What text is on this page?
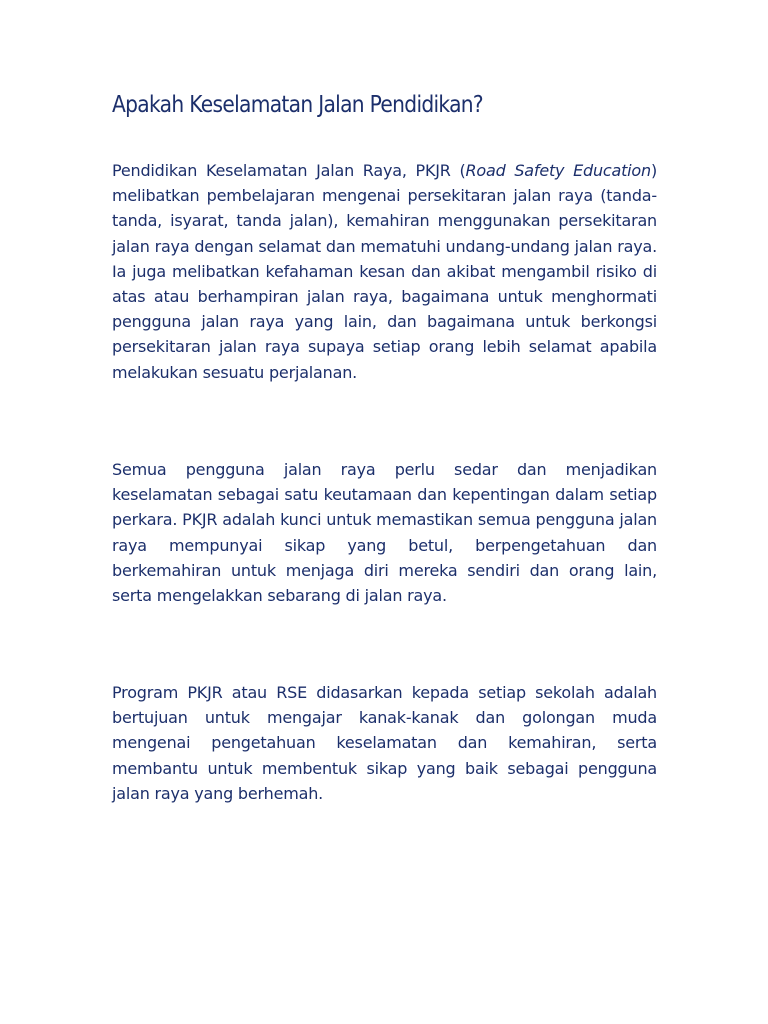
Apakah Keselamatan Jalan Pendidikan?

Pendidikan Keselamatan Jalan Raya, PKJR (Road Safety Education) melibatkan pembelajaran mengenai persekitaran jalan raya (tanda-tanda, isyarat, tanda jalan), kemahiran menggunakan persekitaran jalan raya dengan selamat dan mematuhi undang-undang jalan raya. Ia juga melibatkan kefahaman kesan dan akibat mengambil risiko di atas atau berhampiran jalan raya, bagaimana untuk menghormati pengguna jalan raya yang lain, dan bagaimana untuk berkongsi persekitaran jalan raya supaya setiap orang lebih selamat apabila melakukan sesuatu perjalanan.

Semua pengguna jalan raya perlu sedar dan menjadikan keselamatan sebagai satu keutamaan dan kepentingan dalam setiap perkara. PKJR adalah kunci untuk memastikan semua pengguna jalan raya mempunyai sikap yang betul, berpengetahuan dan berkemahiran untuk menjaga diri mereka sendiri dan orang lain, serta mengelakkan sebarang di jalan raya.

Program PKJR atau RSE didasarkan kepada setiap sekolah adalah bertujuan untuk mengajar kanak-kanak dan golongan muda mengenai pengetahuan keselamatan dan kemahiran, serta membantu untuk membentuk sikap yang baik sebagai pengguna jalan raya yang berhemah.
